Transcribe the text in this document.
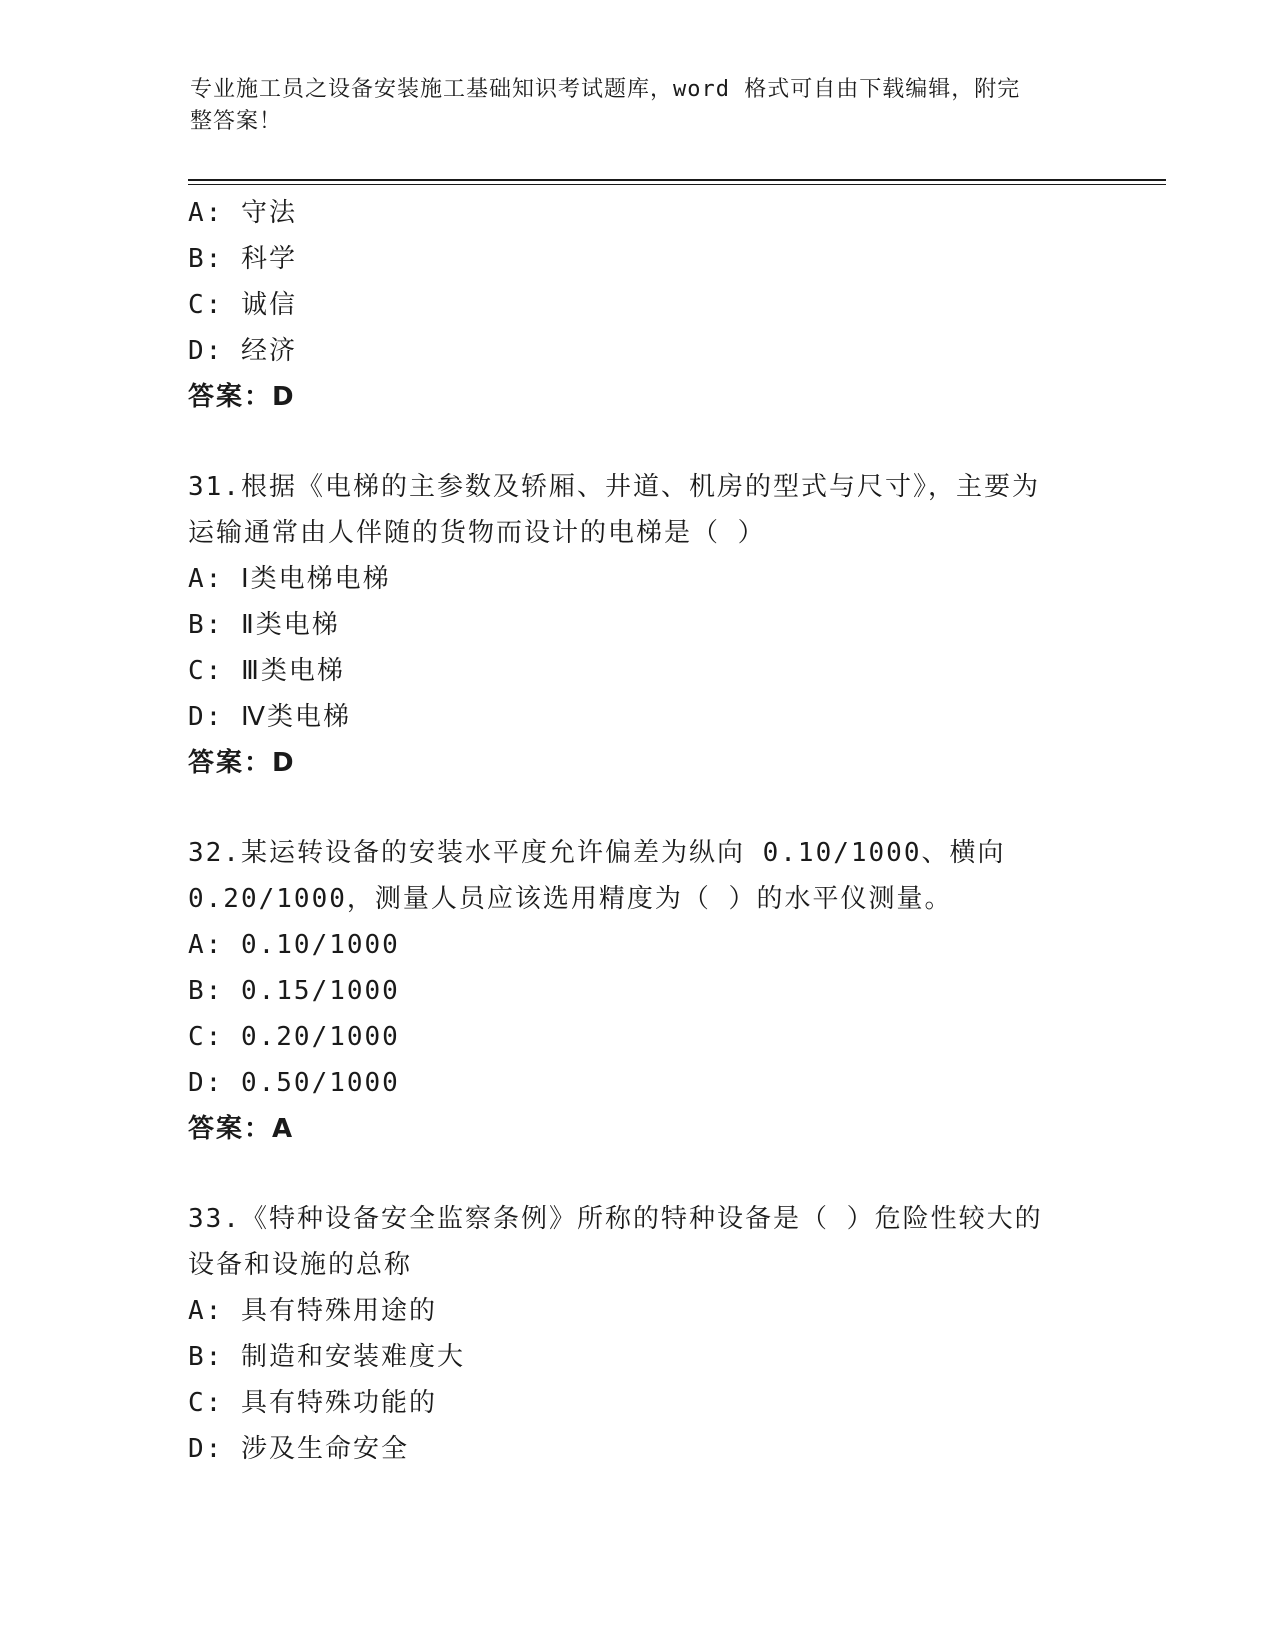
专业施工员之设备安装施工基础知识考试题库，word 格式可自由下载编辑，附完
整答案！
A: 守法
B: 科学
C: 诚信
D: 经济
答案：D
31.根据《电梯的主参数及轿厢、井道、机房的型式与尺寸》，主要为
运输通常由人伴随的货物而设计的电梯是（ ）
A: Ⅰ类电梯电梯
B: Ⅱ类电梯
C: Ⅲ类电梯
D: Ⅳ类电梯
答案：D
32.某运转设备的安装水平度允许偏差为纵向 0.10/1000、横向
0.20/1000，测量人员应该选用精度为（ ）的水平仪测量。
A: 0.10/1000
B: 0.15/1000
C: 0.20/1000
D: 0.50/1000
答案：A
33.《特种设备安全监察条例》所称的特种设备是（ ）危险性较大的
设备和设施的总称
A: 具有特殊用途的
B: 制造和安装难度大
C: 具有特殊功能的
D: 涉及生命安全
